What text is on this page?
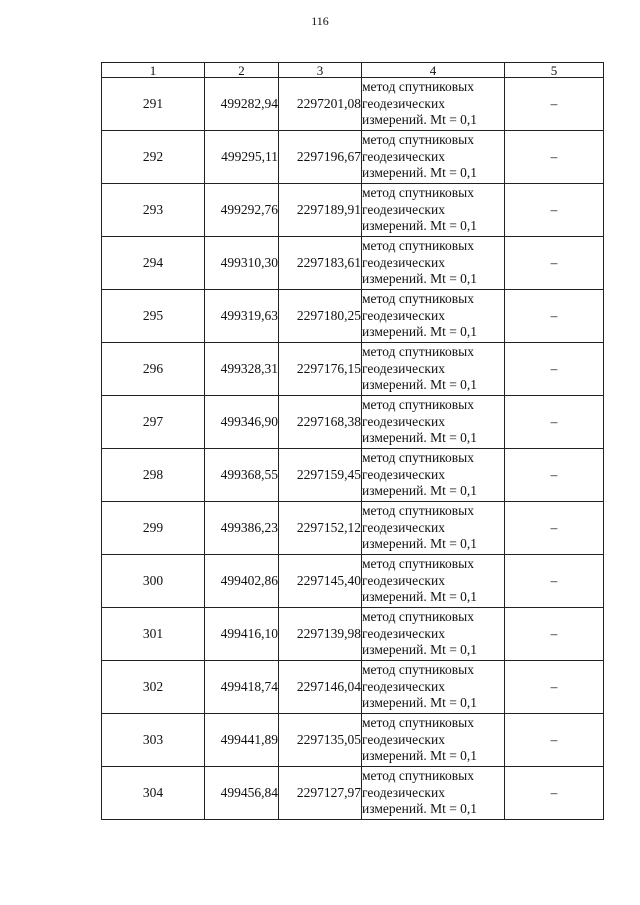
116
1	2	3	4	5
291	499282,94	2297201,08	метод спутниковых
геодезических
измерений. Mt = 0,1	–
292	499295,11	2297196,67	метод спутниковых
геодезических
измерений. Mt = 0,1	–
293	499292,76	2297189,91	метод спутниковых
геодезических
измерений. Mt = 0,1	–
294	499310,30	2297183,61	метод спутниковых
геодезических
измерений. Mt = 0,1	–
295	499319,63	2297180,25	метод спутниковых
геодезических
измерений. Mt = 0,1	–
296	499328,31	2297176,15	метод спутниковых
геодезических
измерений. Mt = 0,1	–
297	499346,90	2297168,38	метод спутниковых
геодезических
измерений. Mt = 0,1	–
298	499368,55	2297159,45	метод спутниковых
геодезических
измерений. Mt = 0,1	–
299	499386,23	2297152,12	метод спутниковых
геодезических
измерений. Mt = 0,1	–
300	499402,86	2297145,40	метод спутниковых
геодезических
измерений. Mt = 0,1	–
301	499416,10	2297139,98	метод спутниковых
геодезических
измерений. Mt = 0,1	–
302	499418,74	2297146,04	метод спутниковых
геодезических
измерений. Mt = 0,1	–
303	499441,89	2297135,05	метод спутниковых
геодезических
измерений. Mt = 0,1	–
304	499456,84	2297127,97	метод спутниковых
геодезических
измерений. Mt = 0,1	–
